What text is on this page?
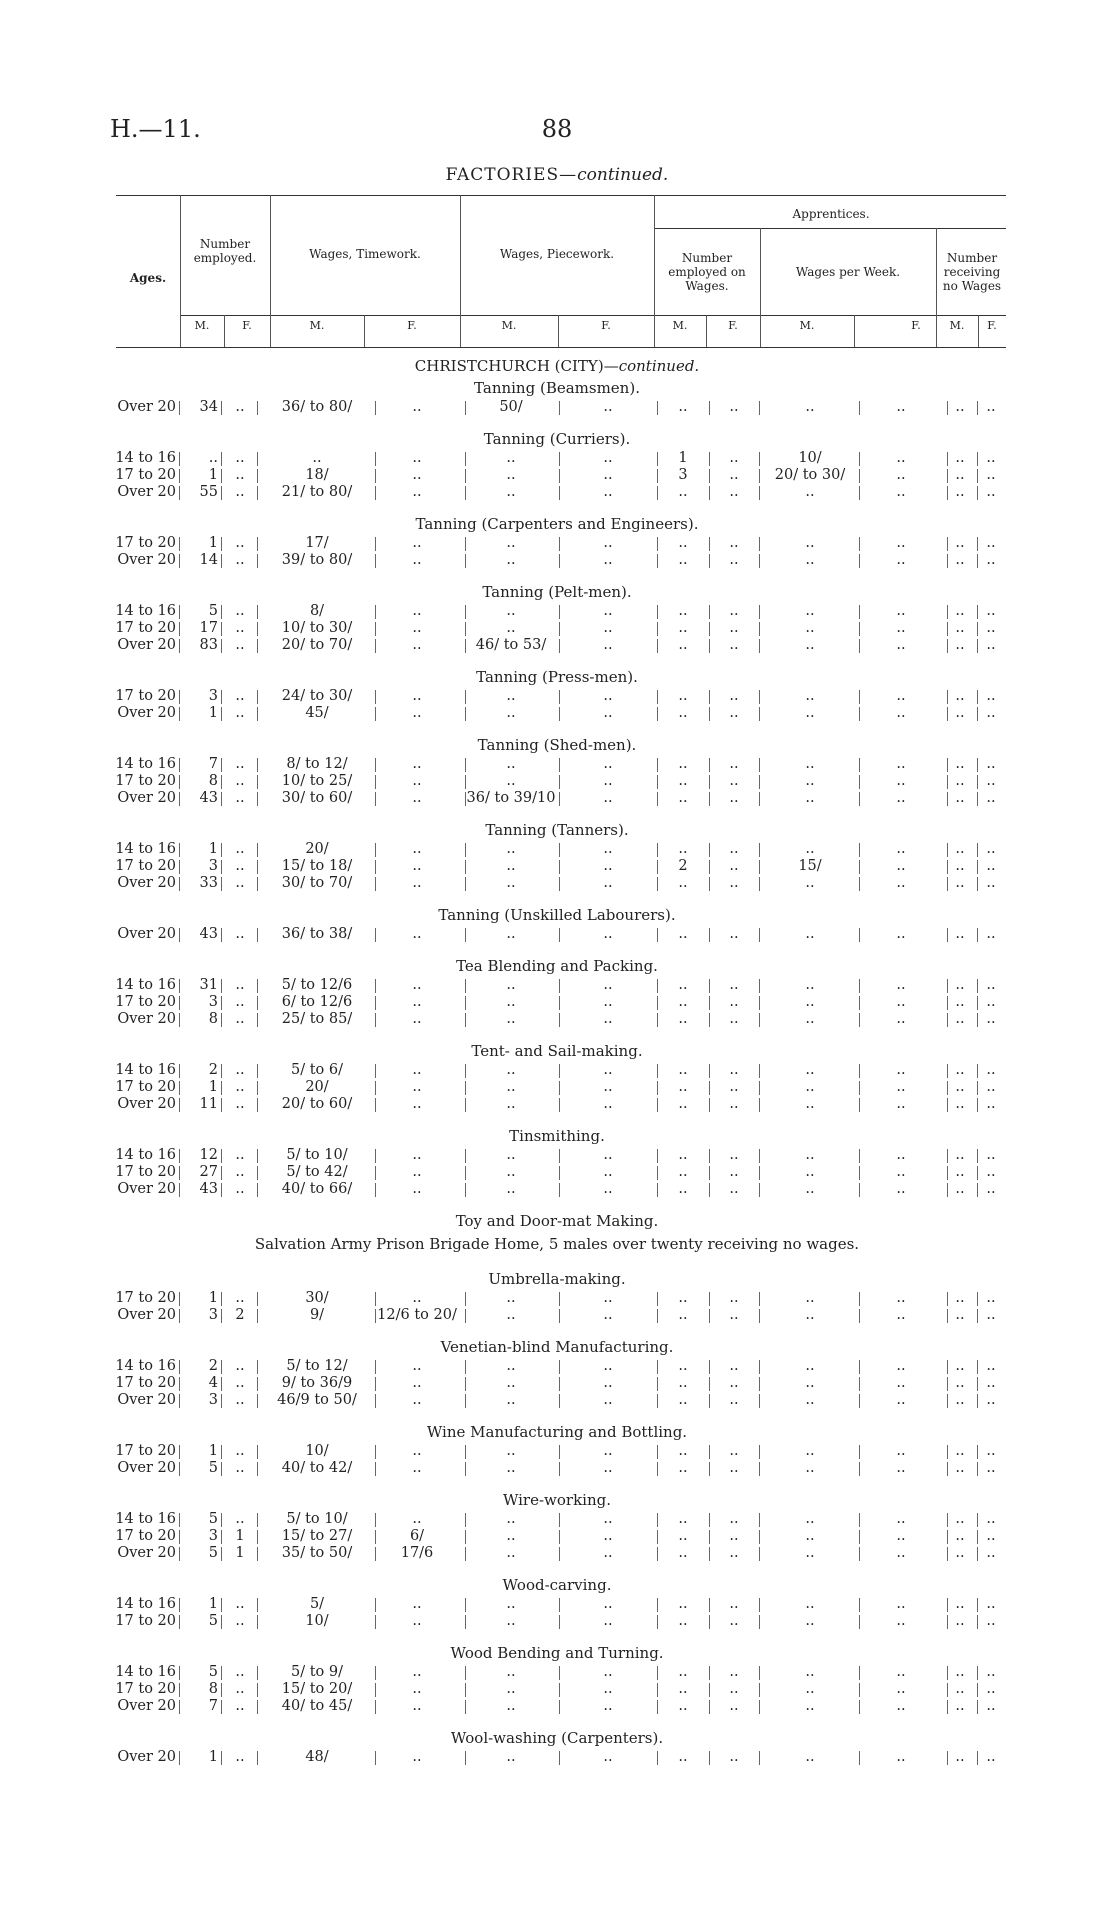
H.—11.	88
FACTORIES—continued.
Ages.
Number employed.	Wages, Timework.	Wages, Piecework.
Apprentices.
Number employed on Wages.
Wages per Week.
Number receiving no Wages
M.	F.	M.	F.	M.	F.	M.	F.	M.	F.	M.	F.
CHRISTCHURCH (CITY)—continued.
Tanning (Beamsmen).
Over 20	34	..	36/ to 80/	..	50/	..	..	..	..	..	..	..
Tanning (Curriers).
14 to 16	..	..	..	..	..	..	1	..	10/	..	..	..
17 to 20	1	..	18/	..	..	..	3	..	20/ to 30/	..	..	..
Over 20	55	..	21/ to 80/	..	..	..	..	..	..	..	..	..
Tanning (Carpenters and Engineers).
17 to 20	1	..	17/	..	..	..	..	..	..	..	..	..
Over 20	14	..	39/ to 80/	..	..	..	..	..	..	..	..	..
Tanning (Pelt-men).
14 to 16	5	..	8/	..	..	..	..	..	..	..	..	..
17 to 20	17	..	10/ to 30/	..	..	..	..	..	..	..	..	..
Over 20	83	..	20/ to 70/	..	46/ to 53/	..	..	..	..	..	..	..
Tanning (Press-men).
17 to 20	3	..	24/ to 30/	..	..	..	..	..	..	..	..	..
Over 20	1	..	45/	..	..	..	..	..	..	..	..	..
Tanning (Shed-men).
14 to 16	7	..	8/ to 12/	..	..	..	..	..	..	..	..	..
17 to 20	8	..	10/ to 25/	..	..	..	..	..	..	..	..	..
Over 20	43	..	30/ to 60/	..	36/ to 39/10	..	..	..	..	..	..	..
Tanning (Tanners).
14 to 16	1	..	20/	..	..	..	..	..	..	..	..	..
17 to 20	3	..	15/ to 18/	..	..	..	2	..	15/	..	..	..
Over 20	33	..	30/ to 70/	..	..	..	..	..	..	..	..	..
Tanning (Unskilled Labourers).
Over 20	43	..	36/ to 38/	..	..	..	..	..	..	..	..	..
Tea Blending and Packing.
14 to 16	31	..	5/ to 12/6	..	..	..	..	..	..	..	..	..
17 to 20	3	..	6/ to 12/6	..	..	..	..	..	..	..	..	..
Over 20	8	..	25/ to 85/	..	..	..	..	..	..	..	..	..
Tent- and Sail-making.
14 to 16	2	..	5/ to 6/	..	..	..	..	..	..	..	..	..
17 to 20	1	..	20/	..	..	..	..	..	..	..	..	..
Over 20	11	..	20/ to 60/	..	..	..	..	..	..	..	..	..
Tinsmithing.
14 to 16	12	..	5/ to 10/	..	..	..	..	..	..	..	..	..
17 to 20	27	..	5/ to 42/	..	..	..	..	..	..	..	..	..
Over 20	43	..	40/ to 66/	..	..	..	..	..	..	..	..	..
Toy and Door-mat Making.
Salvation Army Prison Brigade Home, 5 males over twenty receiving no wages.
Umbrella-making.
17 to 20	1	..	30/	..	..	..	..	..	..	..	..	..
Over 20	3	2	9/	12/6 to 20/	..	..	..	..	..	..	..	..
Venetian-blind Manufacturing.
14 to 16	2	..	5/ to 12/	..	..	..	..	..	..	..	..	..
17 to 20	4	..	9/ to 36/9	..	..	..	..	..	..	..	..	..
Over 20	3	..	46/9 to 50/	..	..	..	..	..	..	..	..	..
Wine Manufacturing and Bottling.
17 to 20	1	..	10/	..	..	..	..	..	..	..	..	..
Over 20	5	..	40/ to 42/	..	..	..	..	..	..	..	..	..
Wire-working.
14 to 16	5	..	5/ to 10/	..	..	..	..	..	..	..	..	..
17 to 20	3	1	15/ to 27/	6/	..	..	..	..	..	..	..	..
Over 20	5	1	35/ to 50/	17/6	..	..	..	..	..	..	..	..
Wood-carving.
14 to 16	1	..	5/	..	..	..	..	..	..	..	..	..
17 to 20	5	..	10/	..	..	..	..	..	..	..	..	..
Wood Bending and Turning.
14 to 16	5	..	5/ to 9/	..	..	..	..	..	..	..	..	..
17 to 20	8	..	15/ to 20/	..	..	..	..	..	..	..	..	..
Over 20	7	..	40/ to 45/	..	..	..	..	..	..	..	..	..
Wool-washing (Carpenters).
Over 20	1	..	48/	..	..	..	..	..	..	..	..	..
